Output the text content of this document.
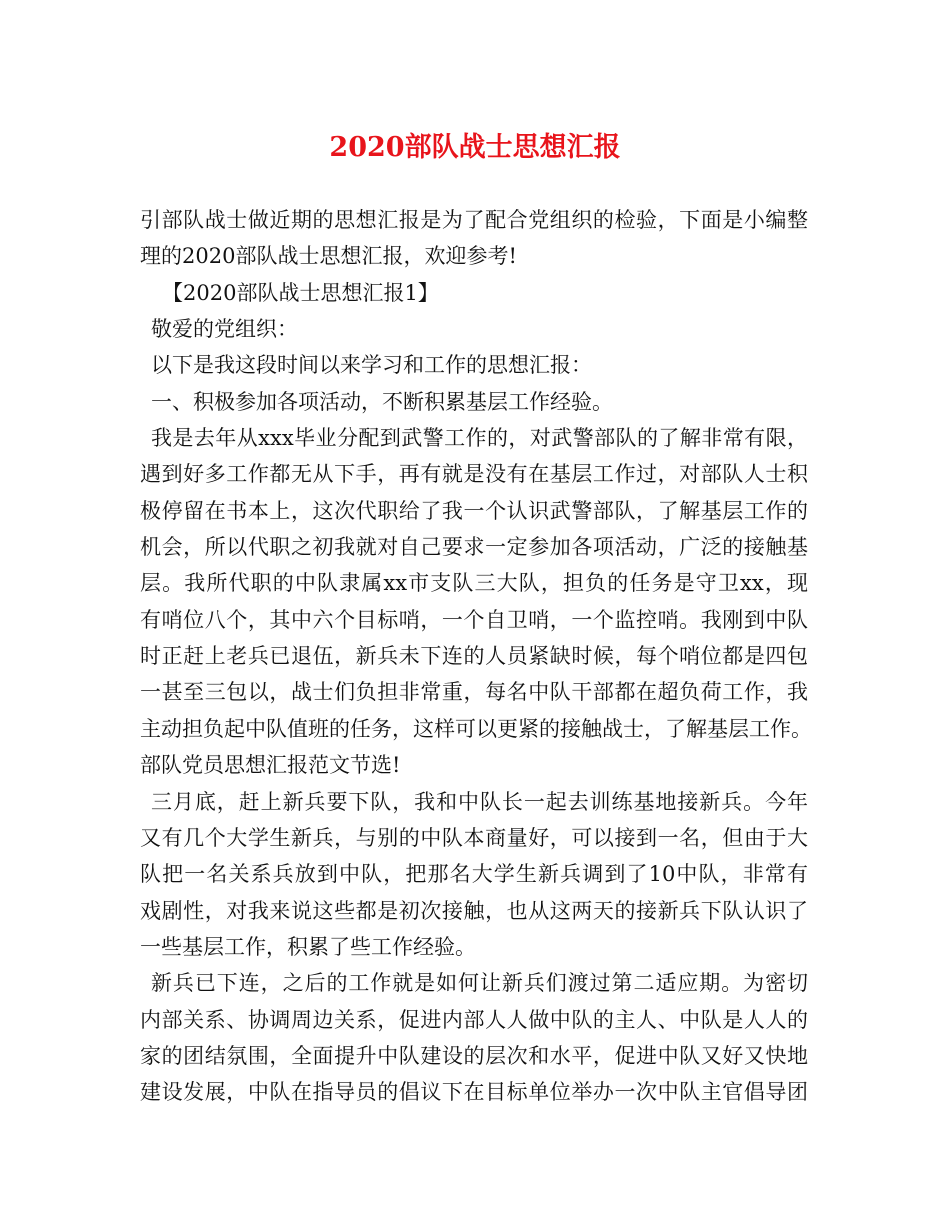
2020部队战士思想汇报
引部队战士做近期的思想汇报是为了配合党组织的检验，下面是小编整
理的2020部队战士思想汇报，欢迎参考!
【2020部队战士思想汇报1】
敬爱的党组织：
以下是我这段时间以来学习和工作的思想汇报：
一、积极参加各项活动，不断积累基层工作经验。
我是去年从xxx毕业分配到武警工作的，对武警部队的了解非常有限，
遇到好多工作都无从下手，再有就是没有在基层工作过，对部队人士积
极停留在书本上，这次代职给了我一个认识武警部队，了解基层工作的
机会，所以代职之初我就对自己要求一定参加各项活动，广泛的接触基
层。我所代职的中队隶属xx市支队三大队，担负的任务是守卫xx，现
有哨位八个，其中六个目标哨，一个自卫哨，一个监控哨。我刚到中队
时正赶上老兵已退伍，新兵未下连的人员紧缺时候，每个哨位都是四包
一甚至三包以，战士们负担非常重，每名中队干部都在超负荷工作，我
主动担负起中队值班的任务，这样可以更紧的接触战士，了解基层工作。
部队党员思想汇报范文节选!
三月底，赶上新兵要下队，我和中队长一起去训练基地接新兵。今年
又有几个大学生新兵，与别的中队本商量好，可以接到一名，但由于大
队把一名关系兵放到中队，把那名大学生新兵调到了10中队，非常有
戏剧性，对我来说这些都是初次接触，也从这两天的接新兵下队认识了
一些基层工作，积累了些工作经验。
新兵已下连，之后的工作就是如何让新兵们渡过第二适应期。为密切
内部关系、协调周边关系，促进内部人人做中队的主人、中队是人人的
家的团结氛围，全面提升中队建设的层次和水平，促进中队又好又快地
建设发展，中队在指导员的倡议下在目标单位举办一次中队主官倡导团
